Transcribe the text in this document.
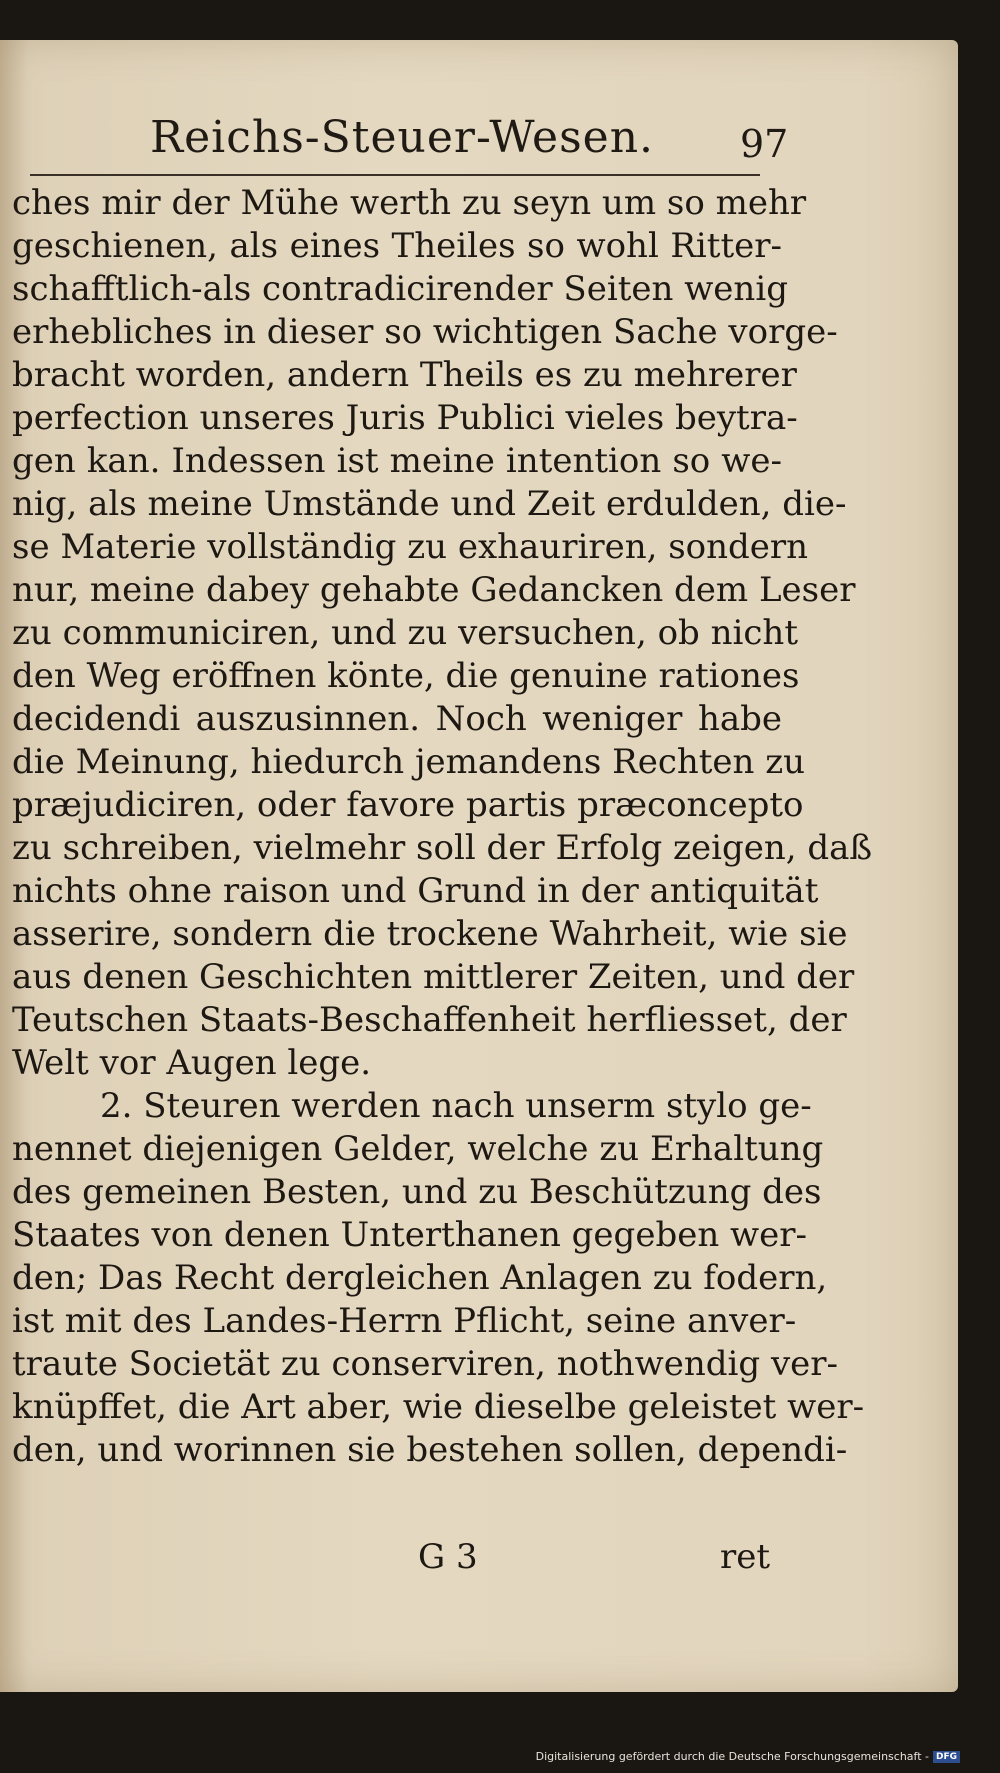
Reichs-Steuer-Wesen. 97
ches mir der Mühe werth zu seyn um so mehr
geschienen, als eines Theiles so wohl Ritter-
schafftlich-als contradicirender Seiten wenig
erhebliches in dieser so wichtigen Sache vorge-
bracht worden, andern Theils es zu mehrerer
perfection unseres Juris Publici vieles beytra-
gen kan. Indessen ist meine intention so we-
nig, als meine Umstände und Zeit erdulden, die-
se Materie vollständig zu exhauriren, sondern
nur, meine dabey gehabte Gedancken dem Leser
zu communiciren, und zu versuchen, ob nicht
den Weg eröffnen könte, die genuine rationes
decidendi auszusinnen. Noch weniger habe
die Meinung, hiedurch jemandens Rechten zu
præjudiciren, oder favore partis præconcepto
zu schreiben, vielmehr soll der Erfolg zeigen, daß
nichts ohne raison und Grund in der antiquität
asserire, sondern die trockene Wahrheit, wie sie
aus denen Geschichten mittlerer Zeiten, und der
Teutschen Staats-Beschaffenheit herfliesset, der
Welt vor Augen lege.
2. Steuren werden nach unserm stylo ge-
nennet diejenigen Gelder, welche zu Erhaltung
des gemeinen Besten, und zu Beschützung des
Staates von denen Unterthanen gegeben wer-
den; Das Recht dergleichen Anlagen zu fodern,
ist mit des Landes-Herrn Pflicht, seine anver-
traute Societät zu conserviren, nothwendig ver-
knüpffet, die Art aber, wie dieselbe geleistet wer-
den, und worinnen sie bestehen sollen, dependi-
G 3	ret
Digitalisierung gefördert durch die Deutsche Forschungsgemeinschaft - DFG
